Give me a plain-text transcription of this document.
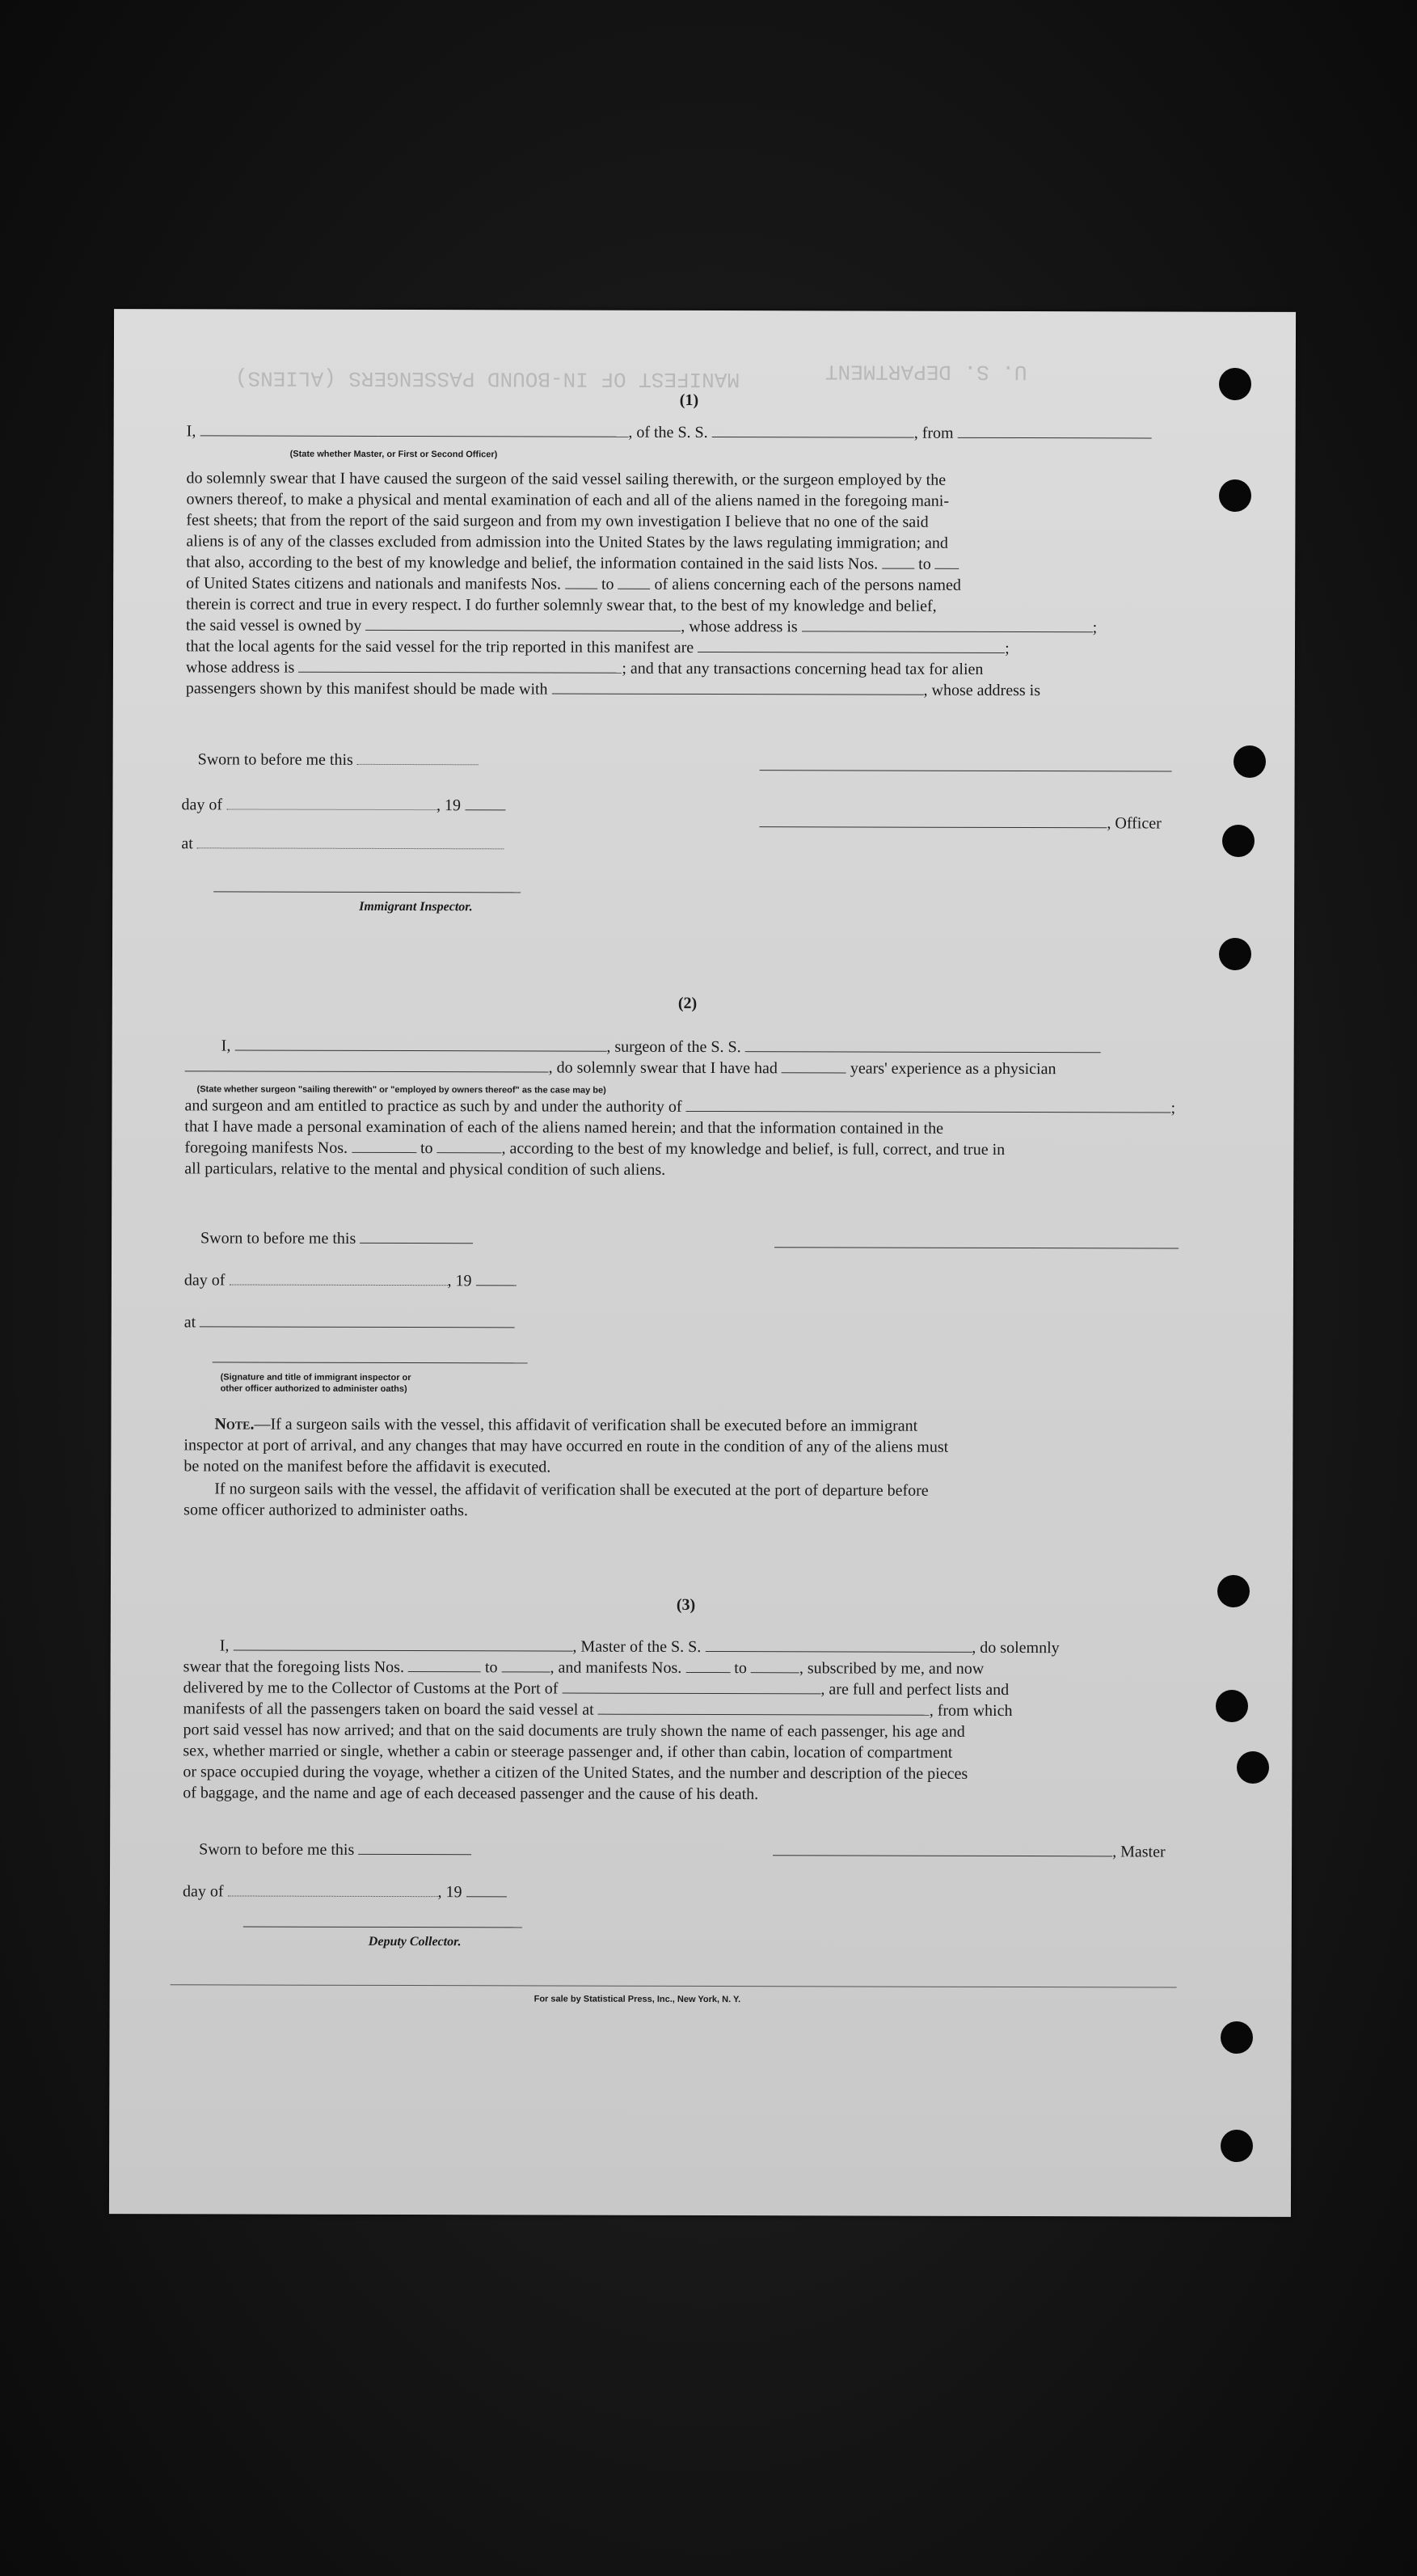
MANIFEST OF IN-BOUND PASSENGERS (ALIENS)	U. S. DEPARTMENT
(1)

I,	, of the S. S.	, from

(State whether Master, or First or Second Officer)

do solemnly swear that I have caused the surgeon of the said vessel sailing therewith, or the surgeon employed by the

owners thereof, to make a physical and mental examination of each and all of the aliens named in the foregoing mani-

fest sheets; that from the report of the said surgeon and from my own investigation I believe that no one of the said

aliens is of any of the classes excluded from admission into the United States by the laws regulating immigration; and

that also, according to the best of my knowledge and belief, the information contained in the said lists Nos. to

of United States citizens and nationals and manifests Nos. to of aliens concerning each of the persons named

therein is correct and true in every respect. I do further solemnly swear that, to the best of my knowledge and belief,

the said vessel is owned by	, whose address is	;

that the local agents for the said vessel for the trip reported in this manifest are	;

whose address is	; and that any transactions concerning head tax for alien

passengers shown by this manifest should be made with	, whose address is

Sworn to before me this

day of	, 19

, Officer

at

Immigrant Inspector.
(2)

I,	, surgeon of the S. S.

, do solemnly swear that I have had	years' experience as a physician

(State whether surgeon "sailing therewith" or "employed by owners thereof" as the case may be)

and surgeon and am entitled to practice as such by and under the authority of	;

that I have made a personal examination of each of the aliens named herein; and that the information contained in the

foregoing manifests Nos.	to	, according to the best of my knowledge and belief, is full, correct, and true in

all particulars, relative to the mental and physical condition of such aliens.

Sworn to before me this

day of	, 19

at

(Signature and title of immigrant inspector or
other officer authorized to administer oaths)

Note.—If a surgeon sails with the vessel, this affidavit of verification shall be executed before an immigrant

inspector at port of arrival, and any changes that may have occurred en route in the condition of any of the aliens must

be noted on the manifest before the affidavit is executed.

If no surgeon sails with the vessel, the affidavit of verification shall be executed at the port of departure before

some officer authorized to administer oaths.

(3)

I,	, Master of the S. S.	, do solemnly

swear that the foregoing lists Nos.	to	, and manifests Nos.	to	, subscribed by me, and now

delivered by me to the Collector of Customs at the Port of	, are full and perfect lists and

manifests of all the passengers taken on board the said vessel at	, from which

port said vessel has now arrived; and that on the said documents are truly shown the name of each passenger, his age and

sex, whether married or single, whether a cabin or steerage passenger and, if other than cabin, location of compartment

or space occupied during the voyage, whether a citizen of the United States, and the number and description of the pieces

of baggage, and the name and age of each deceased passenger and the cause of his death.

Sworn to before me this	, Master

day of	, 19

Deputy Collector.
For sale by Statistical Press, Inc., New York, N. Y.
